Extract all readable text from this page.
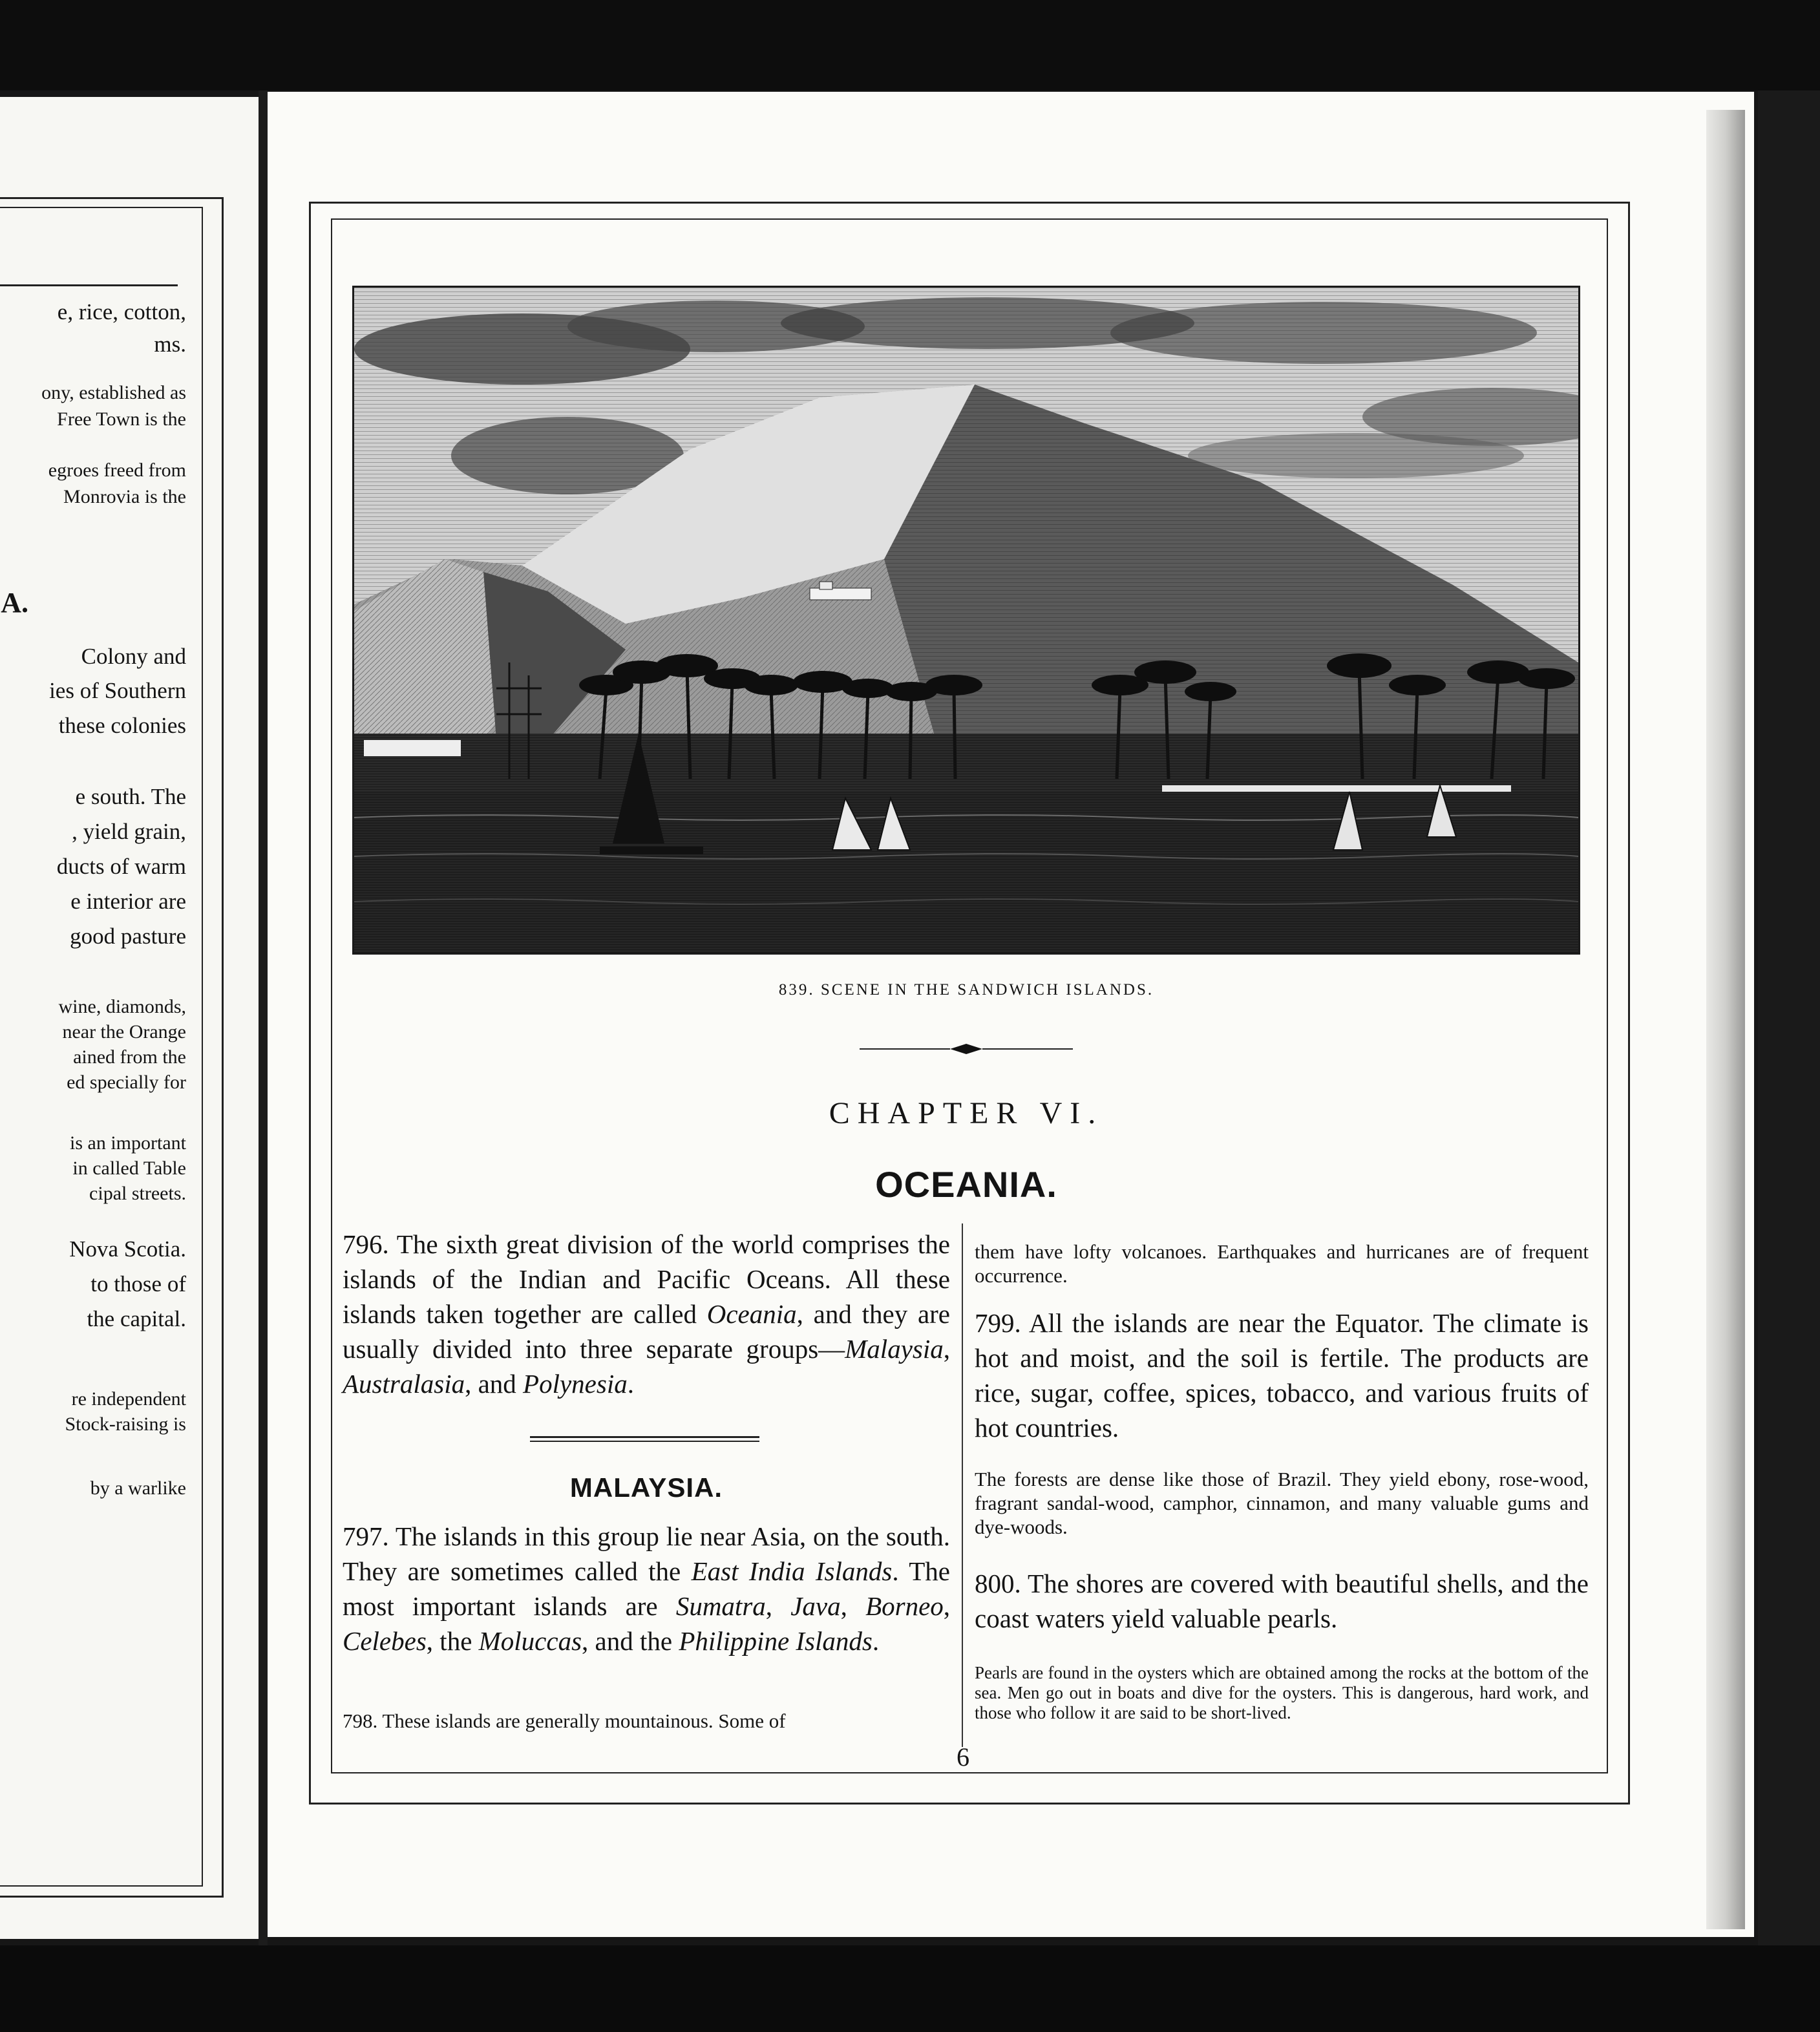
e, rice, cotton,
ms.
ony, established as
Free Town is the
egroes freed from
Monrovia is the
A.
Colony and
ies of Southern
these colonies
e south. The
, yield grain,
ducts of warm
e interior are
good pasture
wine, diamonds,
near the Orange
ained from the
ed specially for
is an important
in called Table
cipal streets.
Nova Scotia.
to those of
the capital.
re independent
Stock-raising is
by a warlike
839. SCENE IN THE SANDWICH ISLANDS.
CHAPTER VI.
OCEANIA.

796. The sixth great division of the world comprises the islands of the Indian and Pacific Oceans. All these islands taken together are called Oceania, and they are usually divided into three separate groups—Malaysia, Australasia, and Polynesia.

MALAYSIA.

797. The islands in this group lie near Asia, on the south. They are sometimes called the East India Islands. The most important islands are Sumatra, Java, Borneo, Celebes, the Moluccas, and the Philippine Islands.

798. These islands are generally mountainous. Some of

them have lofty volcanoes. Earthquakes and hurricanes are of frequent occurrence.

799. All the islands are near the Equator. The climate is hot and moist, and the soil is fertile. The products are rice, sugar, coffee, spices, tobacco, and various fruits of hot countries.

The forests are dense like those of Brazil. They yield ebony, rose-wood, fragrant sandal-wood, camphor, cinnamon, and many valuable gums and dye-woods.

800. The shores are covered with beautiful shells, and the coast waters yield valuable pearls.

Pearls are found in the oysters which are obtained among the rocks at the bottom of the sea. Men go out in boats and dive for the oysters. This is dangerous, hard work, and those who follow it are said to be short-lived.

6
